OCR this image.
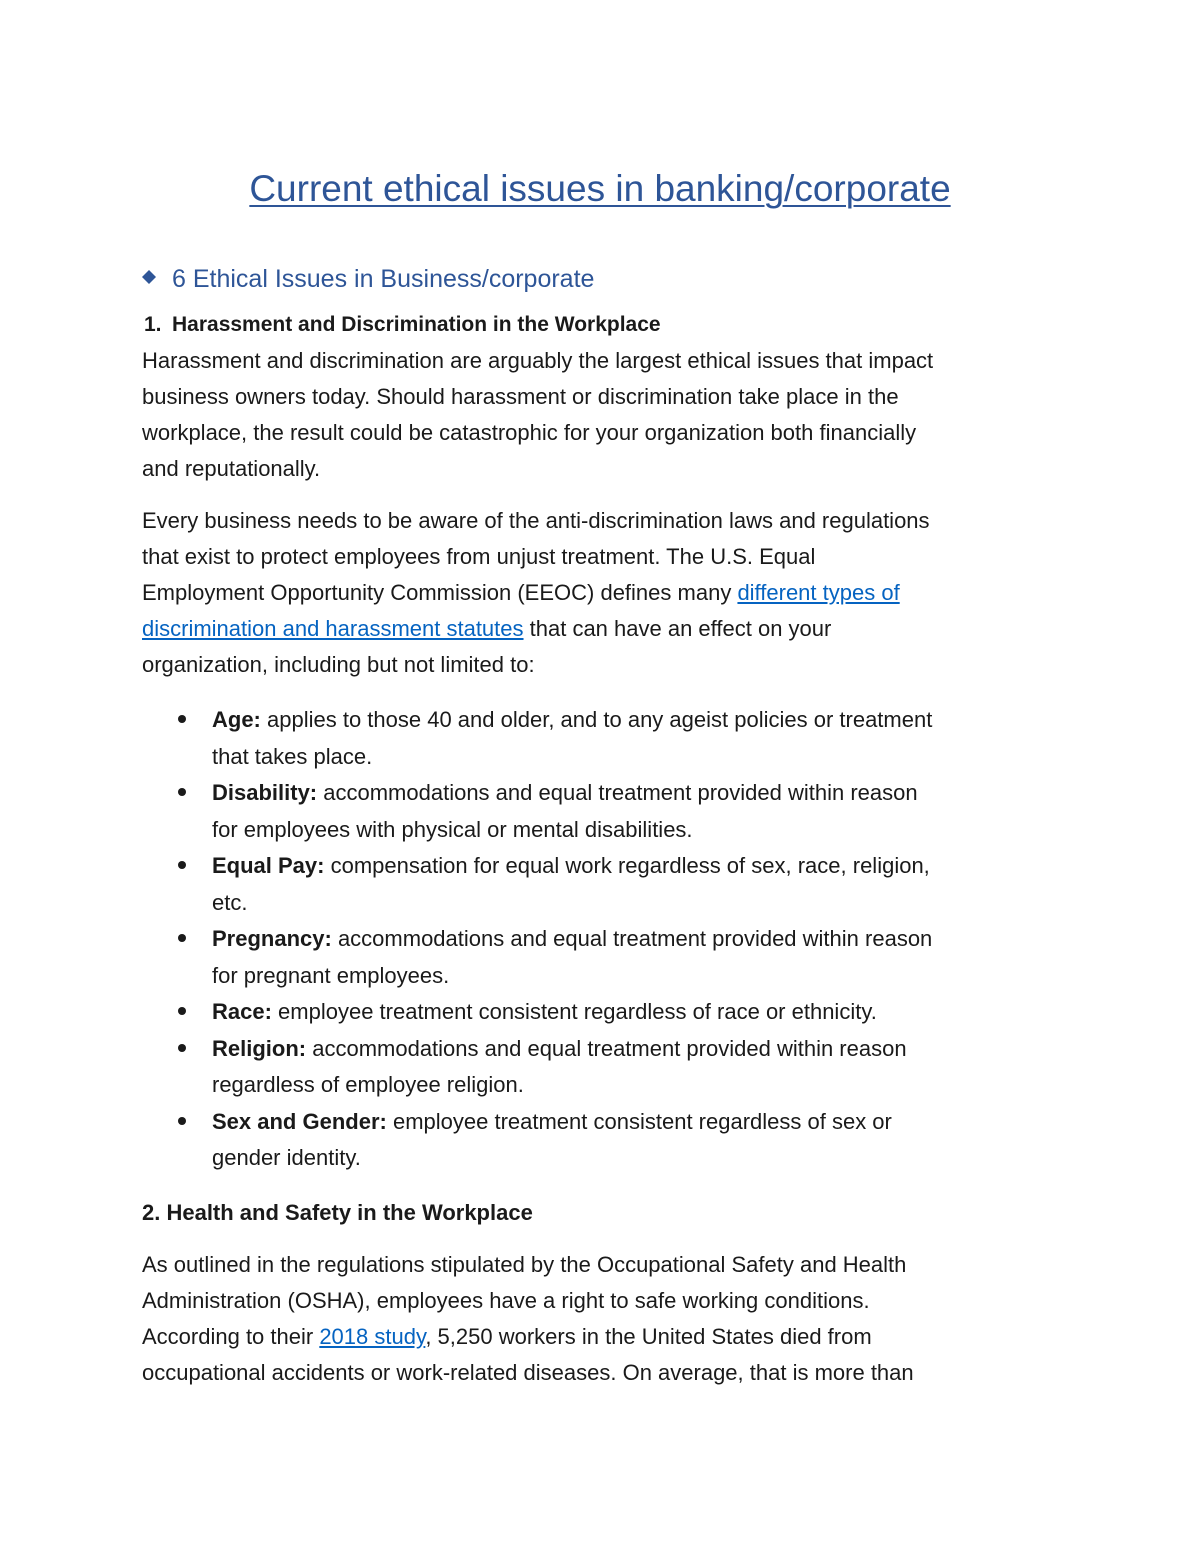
Current ethical issues in banking/corporate
6 Ethical Issues in Business/corporate
1. Harassment and Discrimination in the Workplace

Harassment and discrimination are arguably the largest ethical issues that impact
business owners today. Should harassment or discrimination take place in the
workplace, the result could be catastrophic for your organization both financially
and reputationally.

Every business needs to be aware of the anti-discrimination laws and regulations
that exist to protect employees from unjust treatment. The U.S. Equal
Employment Opportunity Commission (EEOC) defines many different types of
discrimination and harassment statutes that can have an effect on your
organization, including but not limited to:

Age: applies to those 40 and older, and to any ageist policies or treatment
that takes place.
Disability: accommodations and equal treatment provided within reason
for employees with physical or mental disabilities.
Equal Pay: compensation for equal work regardless of sex, race, religion,
etc.
Pregnancy: accommodations and equal treatment provided within reason
for pregnant employees.
Race: employee treatment consistent regardless of race or ethnicity.
Religion: accommodations and equal treatment provided within reason
regardless of employee religion.
Sex and Gender: employee treatment consistent regardless of sex or
gender identity.
2. Health and Safety in the Workplace

As outlined in the regulations stipulated by the Occupational Safety and Health
Administration (OSHA), employees have a right to safe working conditions.
According to their 2018 study, 5,250 workers in the United States died from
occupational accidents or work-related diseases. On average, that is more than
